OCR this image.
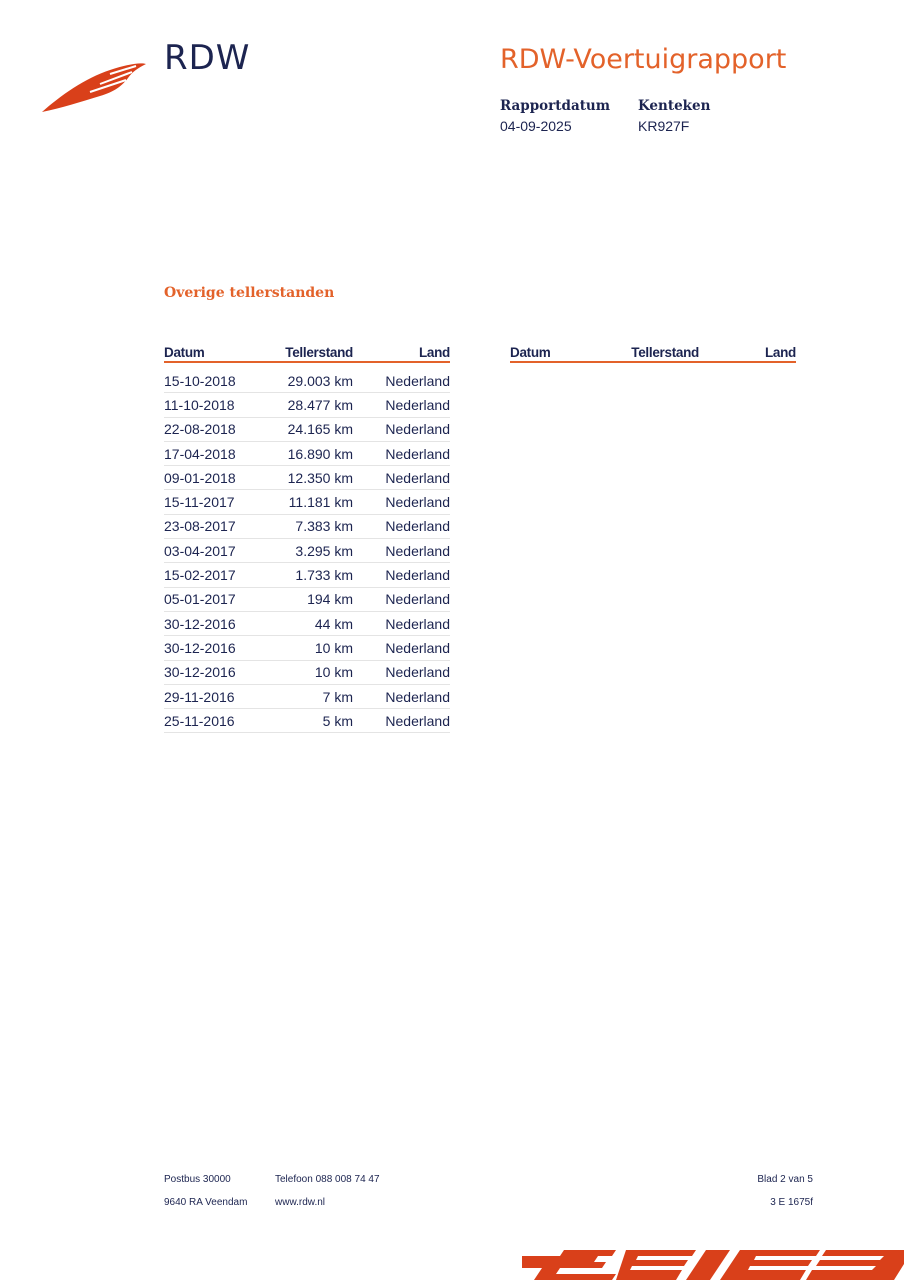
RDW	RDW-Voertuigrapport
Rapportdatum
04-09-2025
Kenteken
KR927F
Overige tellerstanden
Datum	Tellerstand	Land
15-10-2018	29.003 km	Nederland
11-10-2018	28.477 km	Nederland
22-08-2018	24.165 km	Nederland
17-04-2018	16.890 km	Nederland
09-01-2018	12.350 km	Nederland
15-11-2017	11.181 km	Nederland
23-08-2017	7.383 km	Nederland
03-04-2017	3.295 km	Nederland
15-02-2017	1.733 km	Nederland
05-01-2017	194 km	Nederland
30-12-2016	44 km	Nederland
30-12-2016	10 km	Nederland
30-12-2016	10 km	Nederland
29-11-2016	7 km	Nederland
25-11-2016	5 km	Nederland
Datum	Tellerstand	Land
Postbus 30000
9640 RA Veendam
Telefoon 088 008 74 47
www.rdw.nl
Blad 2 van 5
3 E 1675f
